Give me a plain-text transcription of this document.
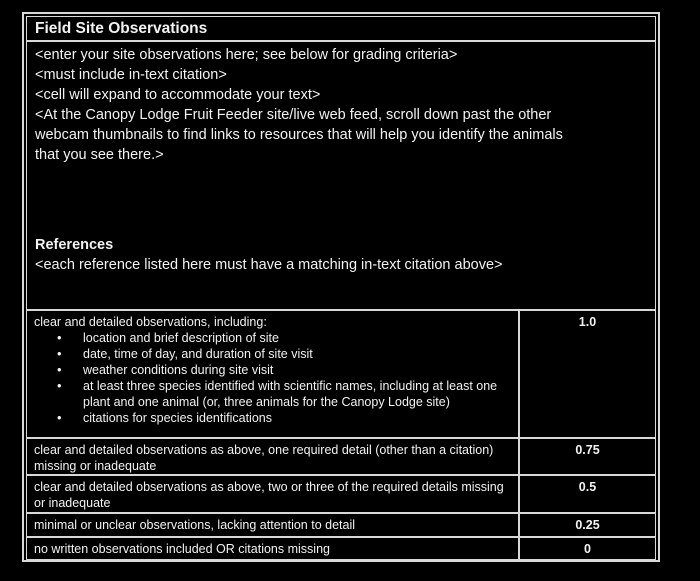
Field Site Observations
<enter your site observations here; see below for grading criteria>
<must include in-text citation>
<cell will expand to accommodate your text>
<At the Canopy Lodge Fruit Feeder site/live web feed, scroll down past the other
webcam thumbnails to find links to resources that will help you identify the animals
that you see there.>
References
<each reference listed here must have a matching in-text citation above>
clear and detailed observations, including:
• location and brief description of site
• date, time of day, and duration of site visit
• weather conditions during site visit
• at least three species identified with scientific names, including at least one plant and one animal (or, three animals for the Canopy Lodge site)
• citations for species identifications
1.0
clear and detailed observations as above, one required detail (other than a citation) missing or inadequate
0.75
clear and detailed observations as above, two or three of the required details missing or inadequate
0.5
minimal or unclear observations, lacking attention to detail	0.25
no written observations included OR citations missing	0
